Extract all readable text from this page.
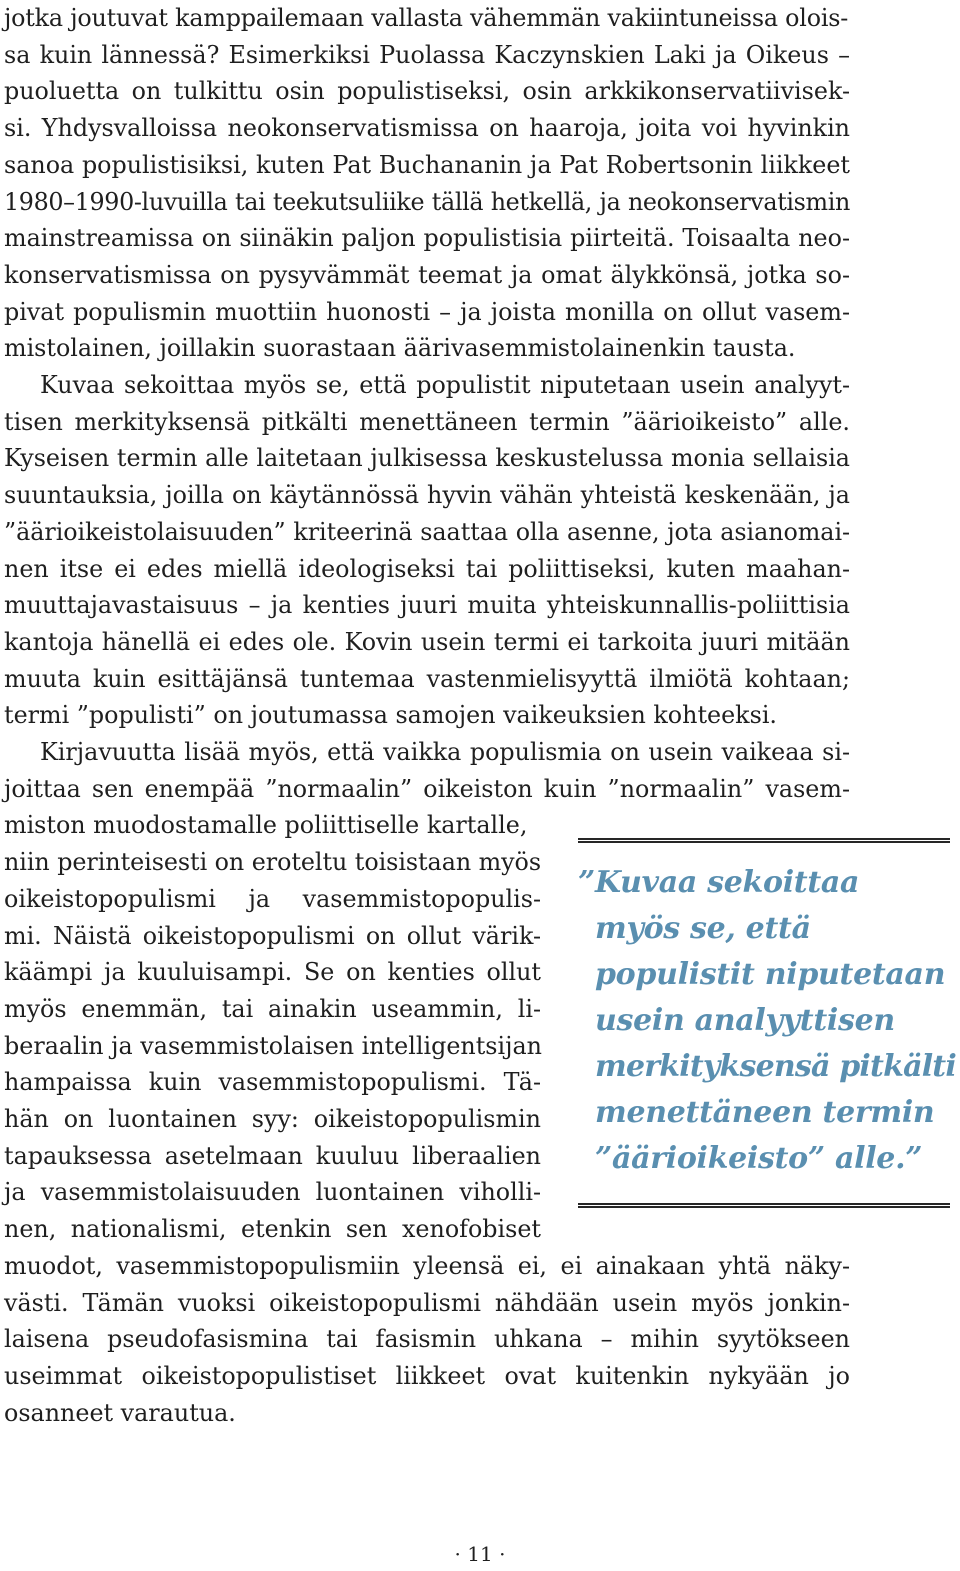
jotka joutuvat kamppailemaan vallasta vähemmän vakiintuneissa olois-
sa kuin lännessä? Esimerkiksi Puolassa Kaczynskien Laki ja Oikeus –
puoluetta on tulkittu osin populistiseksi, osin arkkikonservatiivisek-
si. Yhdysvalloissa neokonservatismissa on haaroja, joita voi hyvinkin
sanoa populistisiksi, kuten Pat Buchananin ja Pat Robertsonin liikkeet
1980–1990-luvuilla tai teekutsuliike tällä hetkellä, ja neokonservatismin
mainstreamissa on siinäkin paljon populistisia piirteitä. Toisaalta neo-
konservatismissa on pysyvämmät teemat ja omat älykkönsä, jotka so-
pivat populismin muottiin huonosti – ja joista monilla on ollut vasem-
mistolainen, joillakin suorastaan äärivasemmistolainenkin tausta.
Kuvaa sekoittaa myös se, että populistit niputetaan usein analyyt-
tisen merkityksensä pitkälti menettäneen termin ”äärioikeisto” alle.
Kyseisen termin alle laitetaan julkisessa keskustelussa monia sellaisia
suuntauksia, joilla on käytännössä hyvin vähän yhteistä keskenään, ja
”äärioikeistolaisuuden” kriteerinä saattaa olla asenne, jota asianomai-
nen itse ei edes miellä ideologiseksi tai poliittiseksi, kuten maahan-
muuttajavastaisuus – ja kenties juuri muita yhteiskunnallis-poliittisia
kantoja hänellä ei edes ole. Kovin usein termi ei tarkoita juuri mitään
muuta kuin esittäjänsä tuntemaa vastenmielisyyttä ilmiötä kohtaan;
termi ”populisti” on joutumassa samojen vaikeuksien kohteeksi.
Kirjavuutta lisää myös, että vaikka populismia on usein vaikeaa si-
joittaa sen enempää ”normaalin” oikeiston kuin ”normaalin” vasem-
miston muodostamalle poliittiselle kartalle,
niin perinteisesti on eroteltu toisistaan myös
oikeistopopulismi ja vasemmistopopulis-
mi. Näistä oikeistopopulismi on ollut värik-
käämpi ja kuuluisampi. Se on kenties ollut
myös enemmän, tai ainakin useammin, li-
beraalin ja vasemmistolaisen intelligentsijan
hampaissa kuin vasemmistopopulismi. Tä-
hän on luontainen syy: oikeistopopulismin
tapauksessa asetelmaan kuuluu liberaalien
ja vasemmistolaisuuden luontainen viholli-
nen, nationalismi, etenkin sen xenofobiset
muodot, vasemmistopopulismiin yleensä ei, ei ainakaan yhtä näky-
västi. Tämän vuoksi oikeistopopulismi nähdään usein myös jonkin-
laisena pseudofasismina tai fasismin uhkana – mihin syytökseen
useimmat oikeistopopulistiset liikkeet ovat kuitenkin nykyään jo
osanneet varautua.
”Kuvaa sekoittaa
myös se, että
populistit niputetaan
usein analyyttisen
merkityksensä pitkälti
menettäneen termin
”äärioikeisto” alle.”
· 11 ·
